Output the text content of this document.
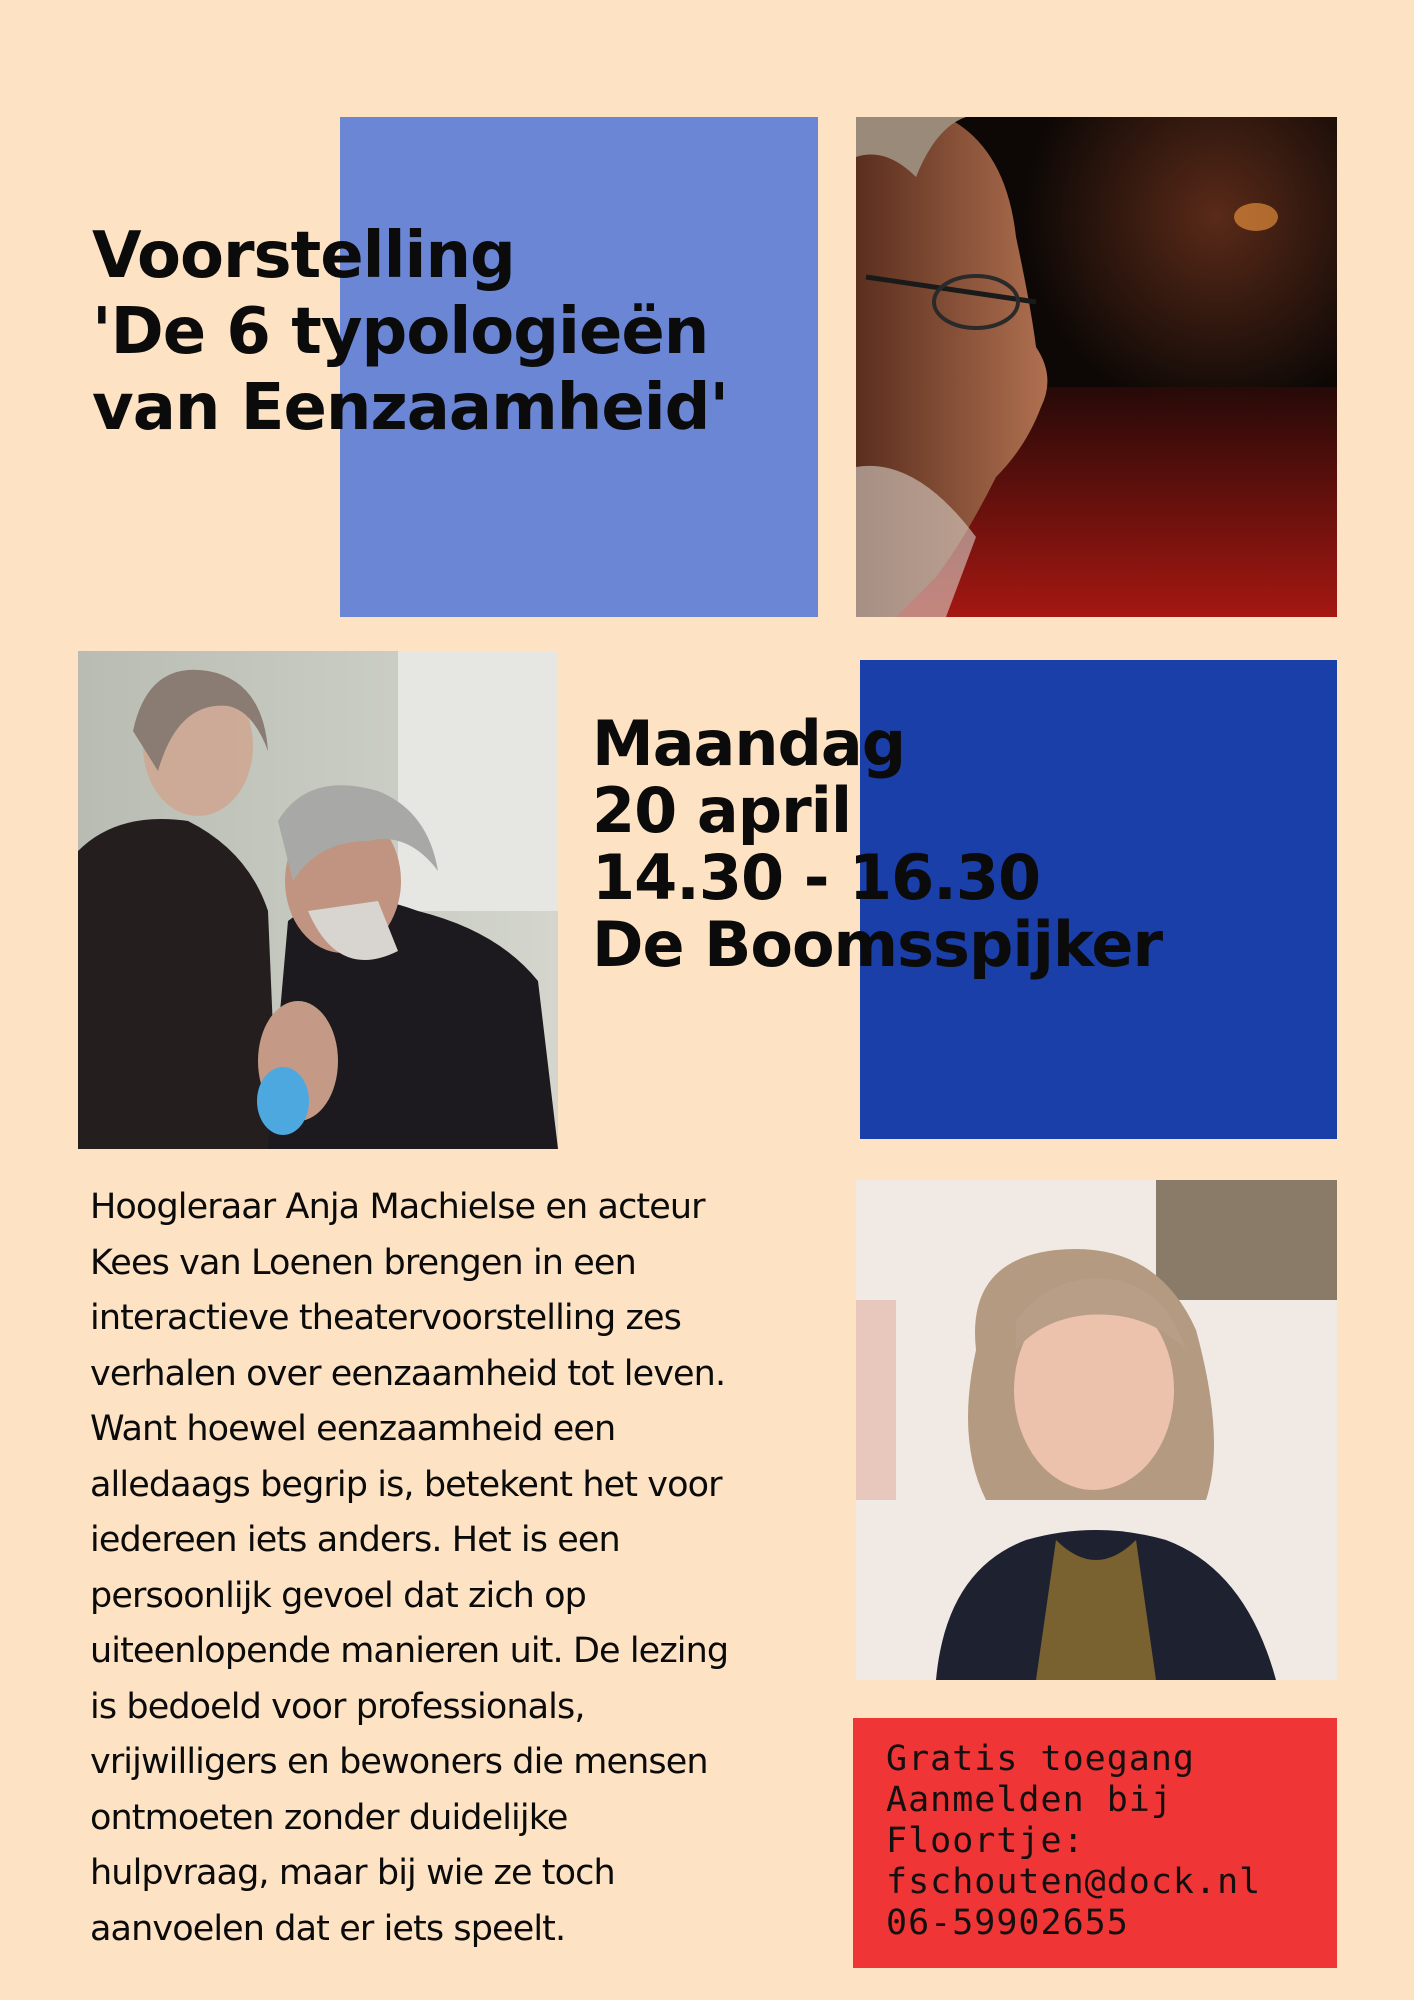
Voorstelling
'De 6 typologieën
van Eenzaamheid'
Maandag
20 april
14.30 - 16.30
De Boomsspijker

Hoogleraar Anja Machielse en acteur
Kees van Loenen brengen in een
interactieve theatervoorstelling zes
verhalen over eenzaamheid tot leven.
Want hoewel eenzaamheid een
alledaags begrip is, betekent het voor
iedereen iets anders. Het is een
persoonlijk gevoel dat zich op
uiteenlopende manieren uit. De lezing
is bedoeld voor professionals,
vrijwilligers en bewoners die mensen
ontmoeten zonder duidelijke
hulpvraag, maar bij wie ze toch
aanvoelen dat er iets speelt.

Gratis toegang
Aanmelden bij
Floortje:
fschouten@dock.nl
06-59902655
